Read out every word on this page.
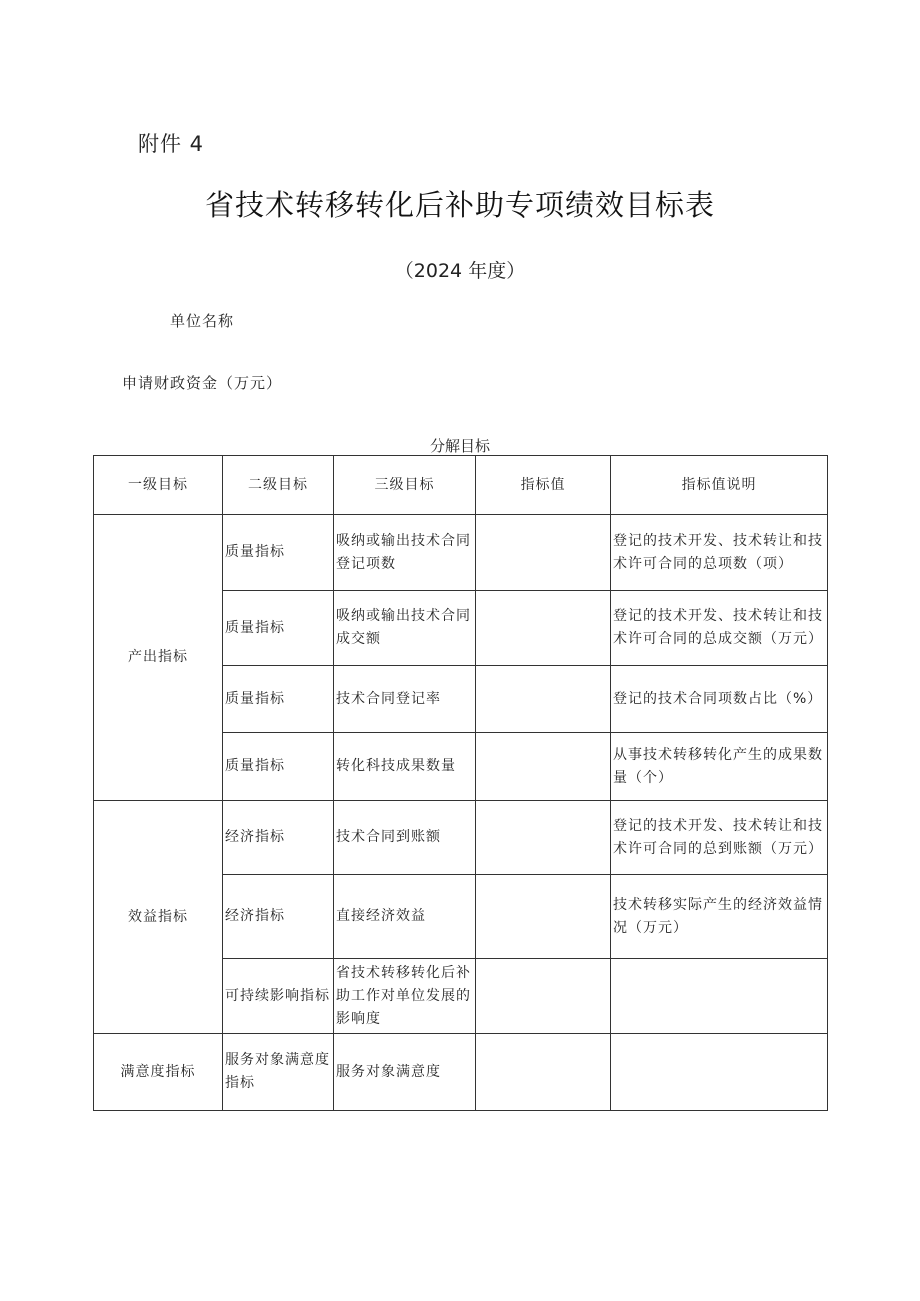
附件 4
省技术转移转化后补助专项绩效目标表
（2024 年度）
单位名称
申请财政资金（万元）
分解目标
一级目标	二级目标	三级目标	指标值	指标值说明
产出指标	质量指标	吸纳或输出技术合同登记项数		登记的技术开发、技术转让和技术许可合同的总项数（项）
	质量指标	吸纳或输出技术合同成交额		登记的技术开发、技术转让和技术许可合同的总成交额（万元）
	质量指标	技术合同登记率		登记的技术合同项数占比（%）
	质量指标	转化科技成果数量		从事技术转移转化产生的成果数量（个）
效益指标	经济指标	技术合同到账额		登记的技术开发、技术转让和技术许可合同的总到账额（万元）
	经济指标	直接经济效益		技术转移实际产生的经济效益情况（万元）
	可持续影响指标	省技术转移转化后补助工作对单位发展的影响度		
满意度指标	服务对象满意度指标	服务对象满意度		
